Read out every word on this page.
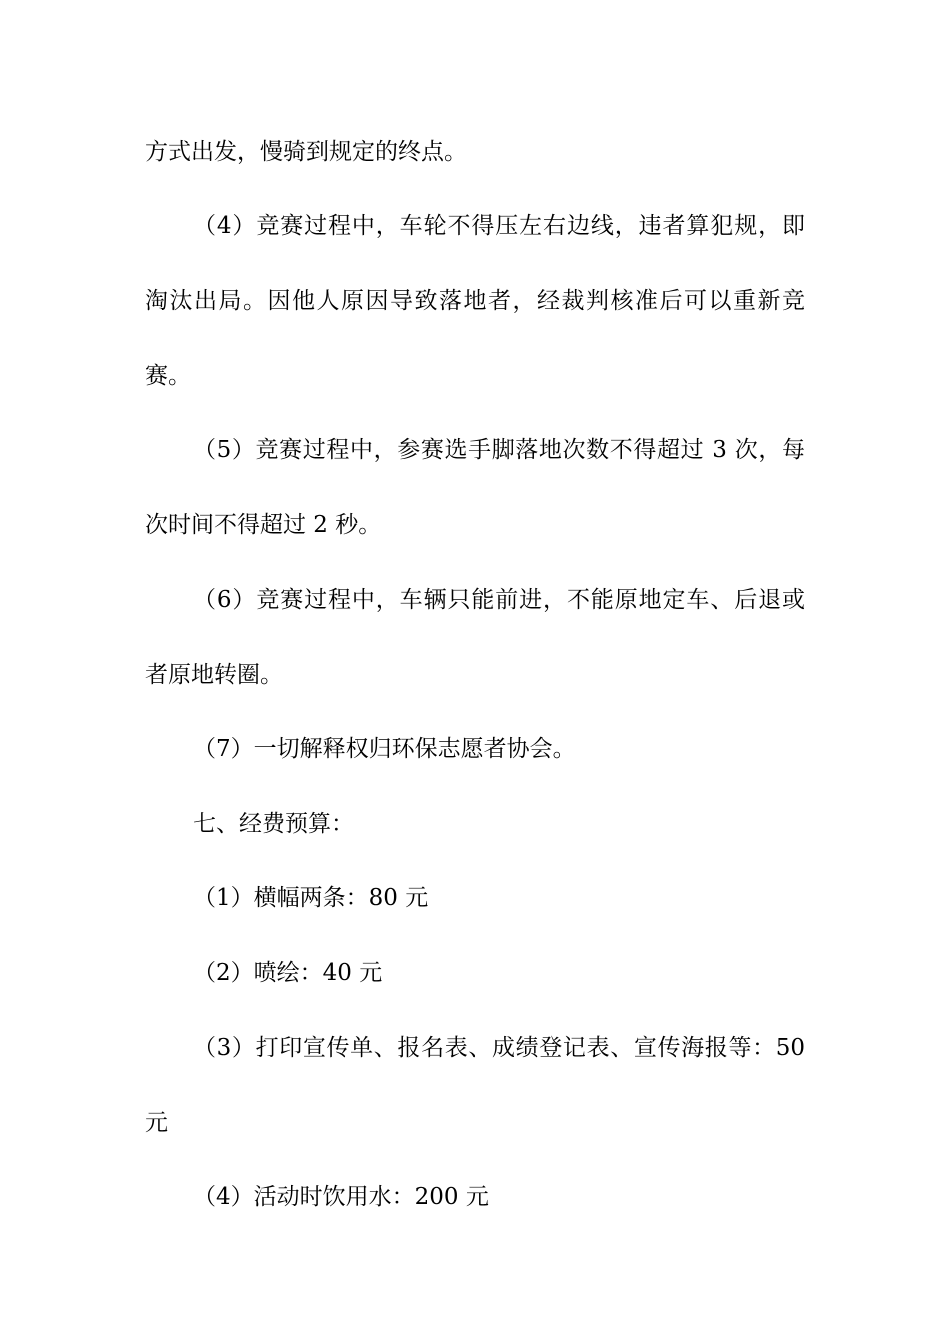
方式出发，慢骑到规定的终点。

（4）竞赛过程中，车轮不得压左右边线，违者算犯规，即

淘汰出局。因他人原因导致落地者，经裁判核准后可以重新竞

赛。

（5）竞赛过程中，参赛选手脚落地次数不得超过 3 次，每

次时间不得超过 2 秒。

（6）竞赛过程中，车辆只能前进，不能原地定车、后退或

者原地转圈。

（7）一切解释权归环保志愿者协会。

七、经费预算：

（1）横幅两条：80 元

（2）喷绘：40 元

（3）打印宣传单、报名表、成绩登记表、宣传海报等：50

元

（4）活动时饮用水：200 元
